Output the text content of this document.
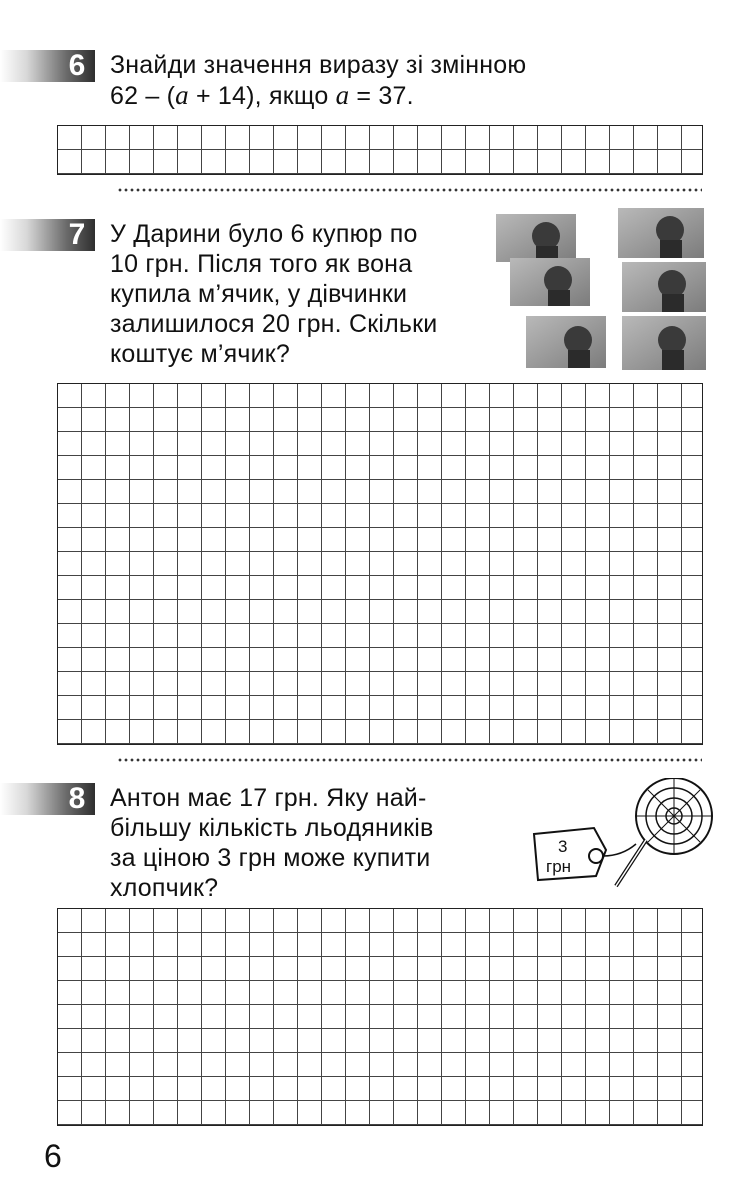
6 Знайди значення виразу зі змінною
62 – (a + 14), якщо a = 37.
7 У Дарини було 6 купюр по
10 грн. Після того як вона
купила м’ячик, у дівчинки
залишилося 20 грн. Скільки
коштує м’ячик?
8 Антон має 17 грн. Яку най-
більшу кількість льодяників
за ціною 3 грн може купити
хлопчик?
3
грн
6
